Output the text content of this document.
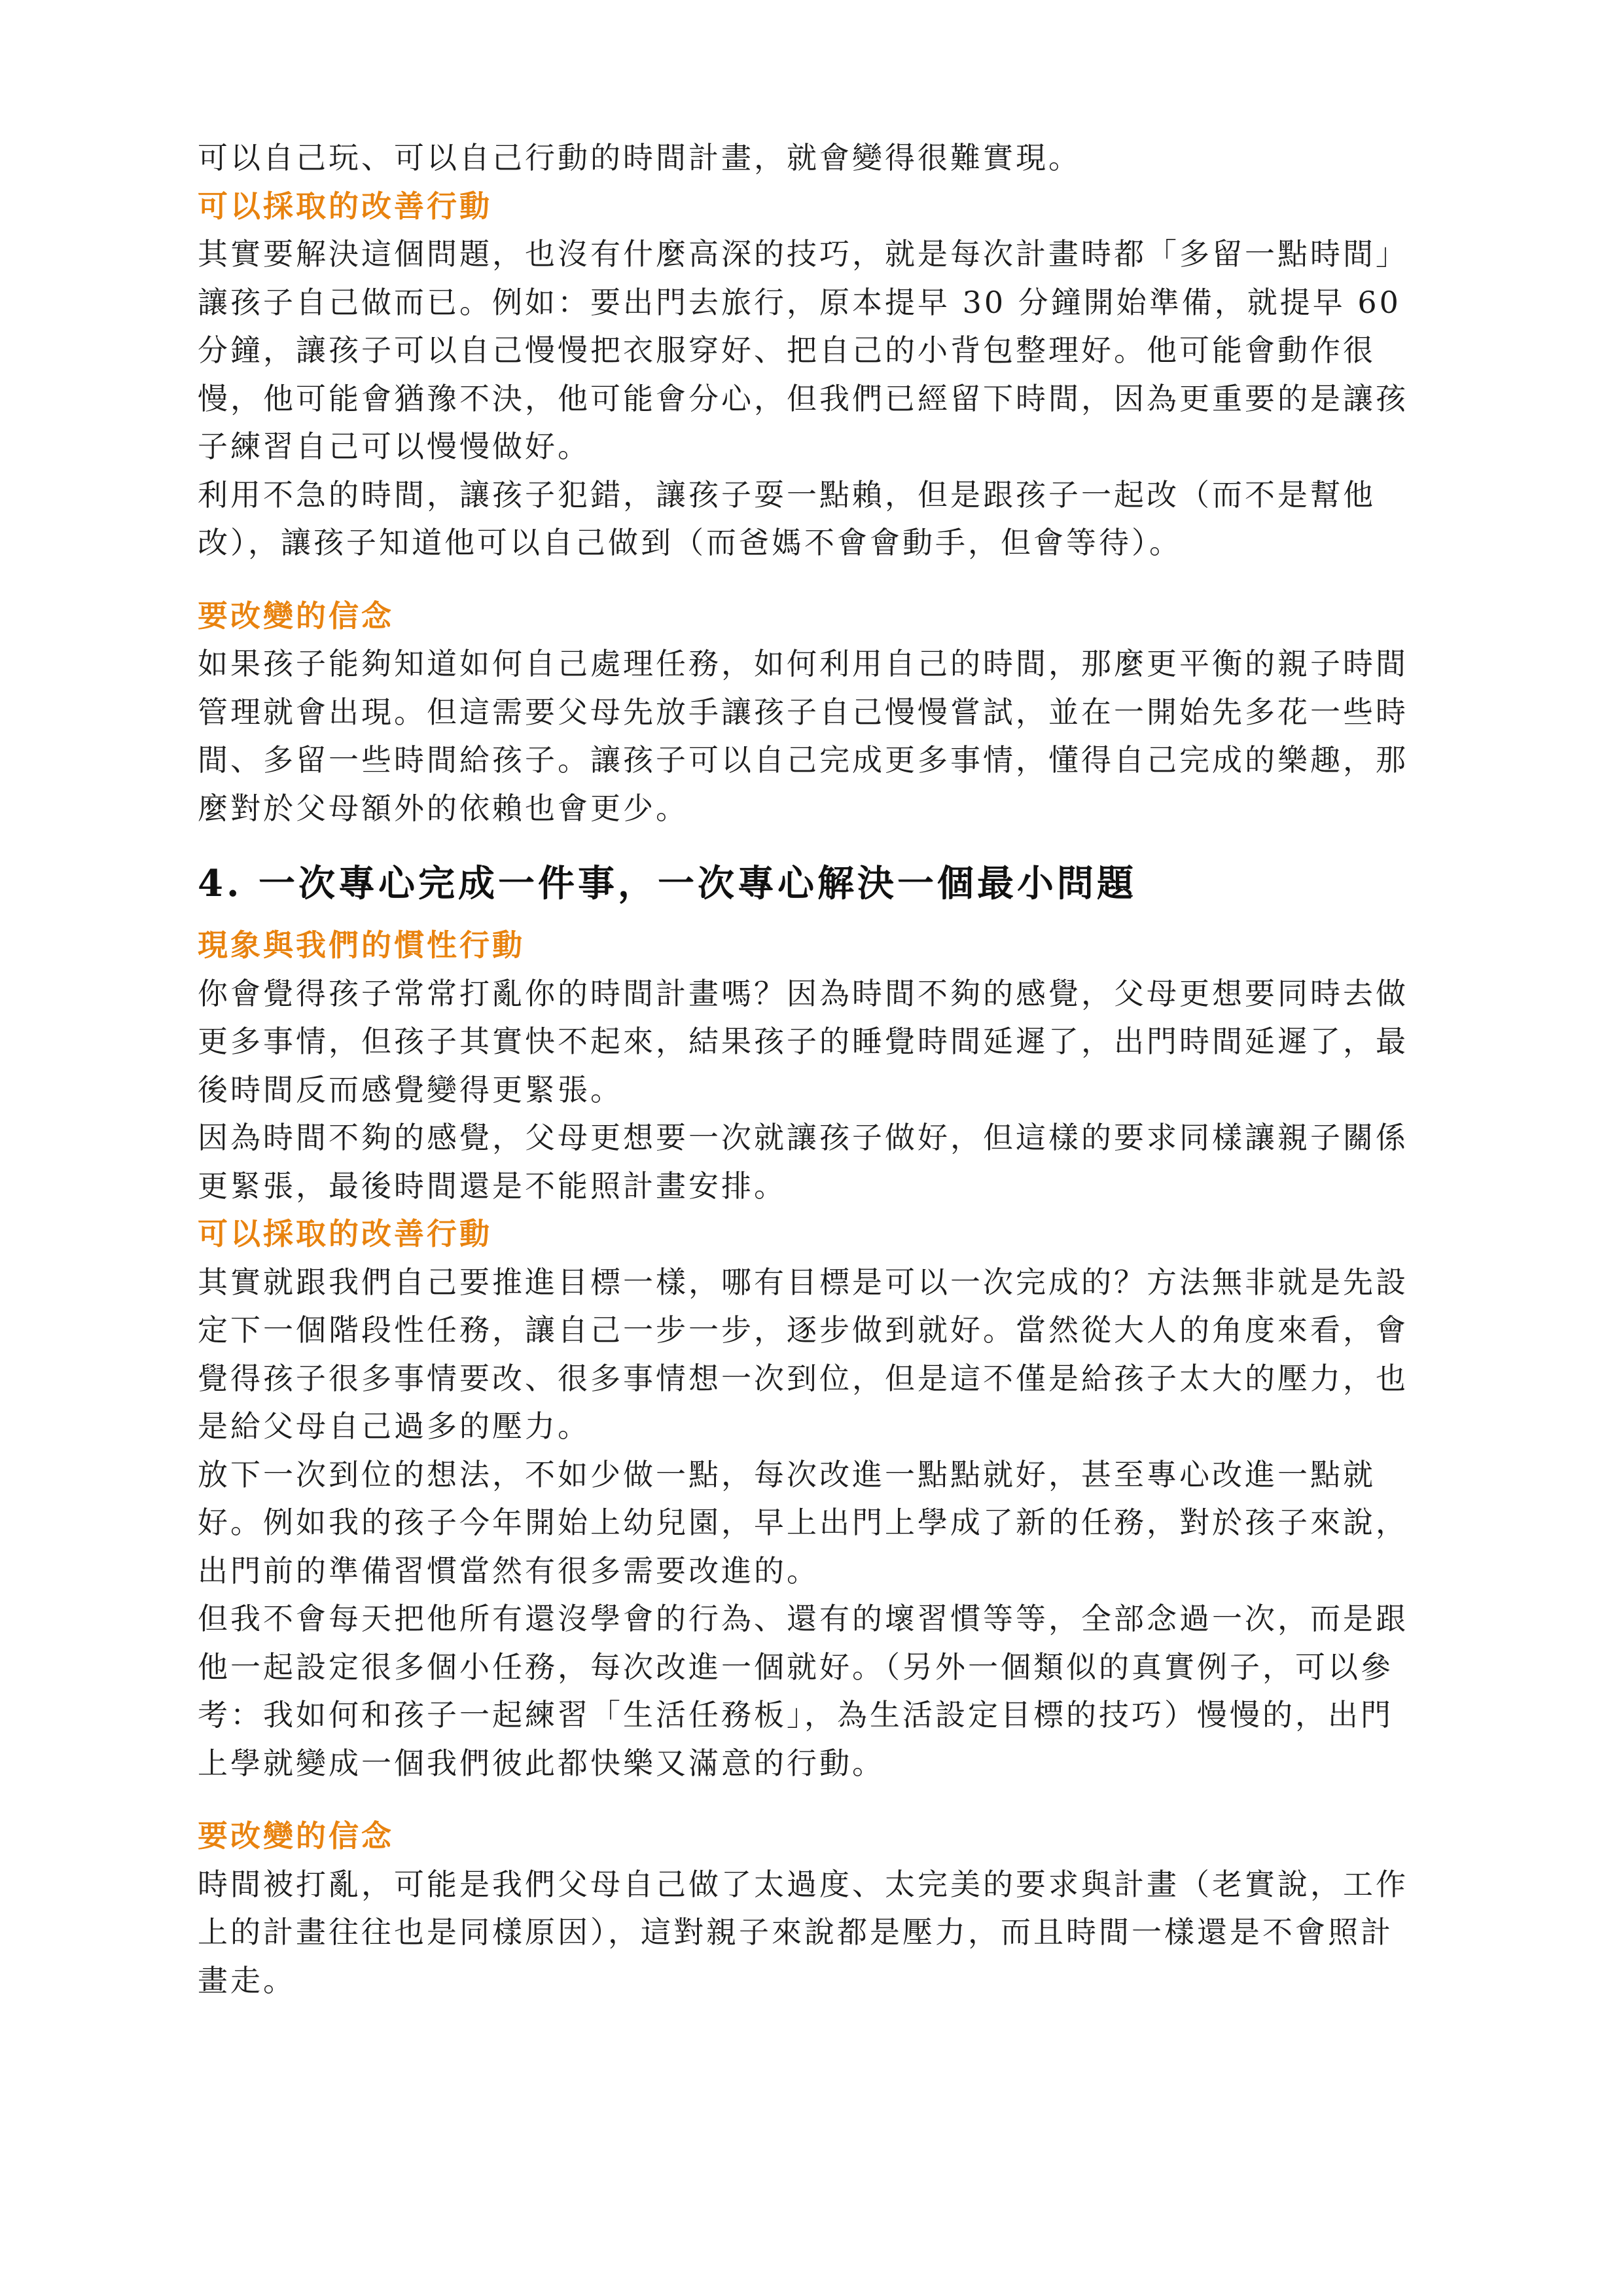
可以自己玩、可以自己行動的時間計畫，就會變得很難實現。

可以採取的改善行動

其實要解決這個問題，也沒有什麼高深的技巧，就是每次計畫時都「多留一點時間」
讓孩子自己做而已。例如：要出門去旅行，原本提早 30 分鐘開始準備，就提早 60
分鐘，讓孩子可以自己慢慢把衣服穿好、把自己的小背包整理好。他可能會動作很
慢，他可能會猶豫不決，他可能會分心，但我們已經留下時間，因為更重要的是讓孩
子練習自己可以慢慢做好。

利用不急的時間，讓孩子犯錯，讓孩子耍一點賴，但是跟孩子一起改（而不是幫他
改），讓孩子知道他可以自己做到（而爸媽不會會動手，但會等待）。

要改變的信念

如果孩子能夠知道如何自己處理任務，如何利用自己的時間，那麼更平衡的親子時間
管理就會出現。但這需要父母先放手讓孩子自己慢慢嘗試，並在一開始先多花一些時
間、多留一些時間給孩子。讓孩子可以自己完成更多事情，懂得自己完成的樂趣，那
麼對於父母額外的依賴也會更少。

4. 一次專心完成一件事，一次專心解決一個最小問題

現象與我們的慣性行動

你會覺得孩子常常打亂你的時間計畫嗎？因為時間不夠的感覺，父母更想要同時去做
更多事情，但孩子其實快不起來，結果孩子的睡覺時間延遲了，出門時間延遲了，最
後時間反而感覺變得更緊張。

因為時間不夠的感覺，父母更想要一次就讓孩子做好，但這樣的要求同樣讓親子關係
更緊張，最後時間還是不能照計畫安排。

可以採取的改善行動

其實就跟我們自己要推進目標一樣，哪有目標是可以一次完成的？方法無非就是先設
定下一個階段性任務，讓自己一步一步，逐步做到就好。當然從大人的角度來看，會
覺得孩子很多事情要改、很多事情想一次到位，但是這不僅是給孩子太大的壓力，也
是給父母自己過多的壓力。

放下一次到位的想法，不如少做一點，每次改進一點點就好，甚至專心改進一點就
好。例如我的孩子今年開始上幼兒園，早上出門上學成了新的任務，對於孩子來說，
出門前的準備習慣當然有很多需要改進的。

但我不會每天把他所有還沒學會的行為、還有的壞習慣等等，全部念過一次，而是跟
他一起設定很多個小任務，每次改進一個就好。（另外一個類似的真實例子，可以參
考：我如何和孩子一起練習「生活任務板」，為生活設定目標的技巧）慢慢的，出門
上學就變成一個我們彼此都快樂又滿意的行動。

要改變的信念

時間被打亂，可能是我們父母自己做了太過度、太完美的要求與計畫（老實說，工作
上的計畫往往也是同樣原因），這對親子來說都是壓力，而且時間一樣還是不會照計
畫走。
